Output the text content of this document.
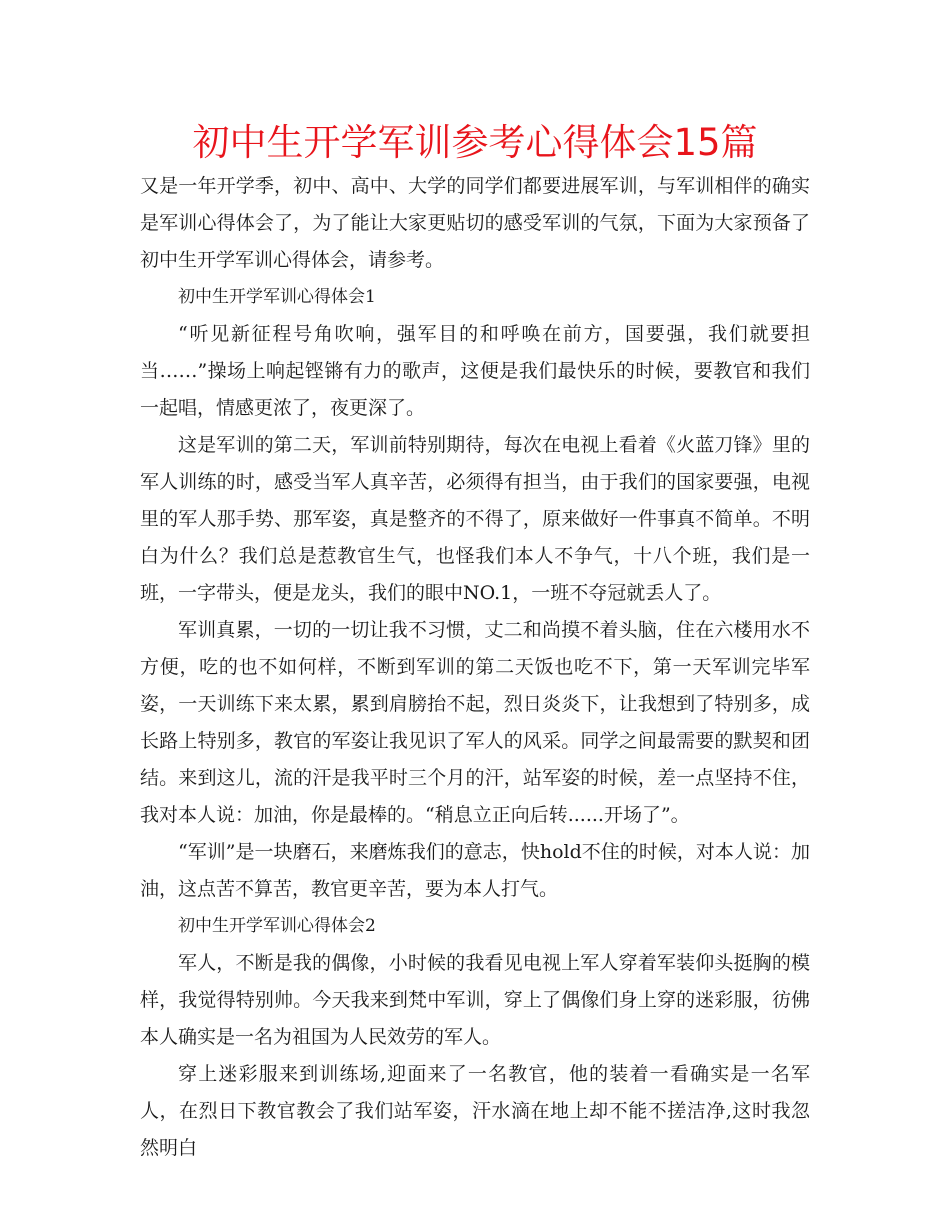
初中生开学军训参考心得体会15篇

又是一年开学季，初中、高中、大学的同学们都要进展军训，与军训相伴的确实是军训心得体会了，为了能让大家更贴切的感受军训的气氛，下面为大家预备了初中生开学军训心得体会，请参考。

初中生开学军训心得体会1

“听见新征程号角吹响，强军目的和呼唤在前方，国要强，我们就要担当……”操场上响起铿锵有力的歌声，这便是我们最快乐的时候，要教官和我们一起唱，情感更浓了，夜更深了。

这是军训的第二天，军训前特别期待，每次在电视上看着《火蓝刀锋》里的军人训练的时，感受当军人真辛苦，必须得有担当，由于我们的国家要强，电视里的军人那手势、那军姿，真是整齐的不得了，原来做好一件事真不简单。不明白为什么？我们总是惹教官生气，也怪我们本人不争气，十八个班，我们是一班，一字带头，便是龙头，我们的眼中NO.1，一班不夺冠就丢人了。

军训真累，一切的一切让我不习惯，丈二和尚摸不着头脑，住在六楼用水不方便，吃的也不如何样，不断到军训的第二天饭也吃不下，第一天军训完毕军姿，一天训练下来太累，累到肩膀抬不起，烈日炎炎下，让我想到了特别多，成长路上特别多，教官的军姿让我见识了军人的风采。同学之间最需要的默契和团结。来到这儿，流的汗是我平时三个月的汗，站军姿的时候，差一点坚持不住，我对本人说：加油，你是最棒的。“稍息立正向后转......开场了”。

“军训”是一块磨石，来磨炼我们的意志，快hold不住的时候，对本人说：加油，这点苦不算苦，教官更辛苦，要为本人打气。

初中生开学军训心得体会2

军人，不断是我的偶像，小时候的我看见电视上军人穿着军装仰头挺胸的模样，我觉得特别帅。今天我来到梵中军训，穿上了偶像们身上穿的迷彩服，彷佛本人确实是一名为祖国为人民效劳的军人。

穿上迷彩服来到训练场,迎面来了一名教官，他的装着一看确实是一名军人，在烈日下教官教会了我们站军姿，汗水滴在地上却不能不搓洁净,这时我忽然明白
